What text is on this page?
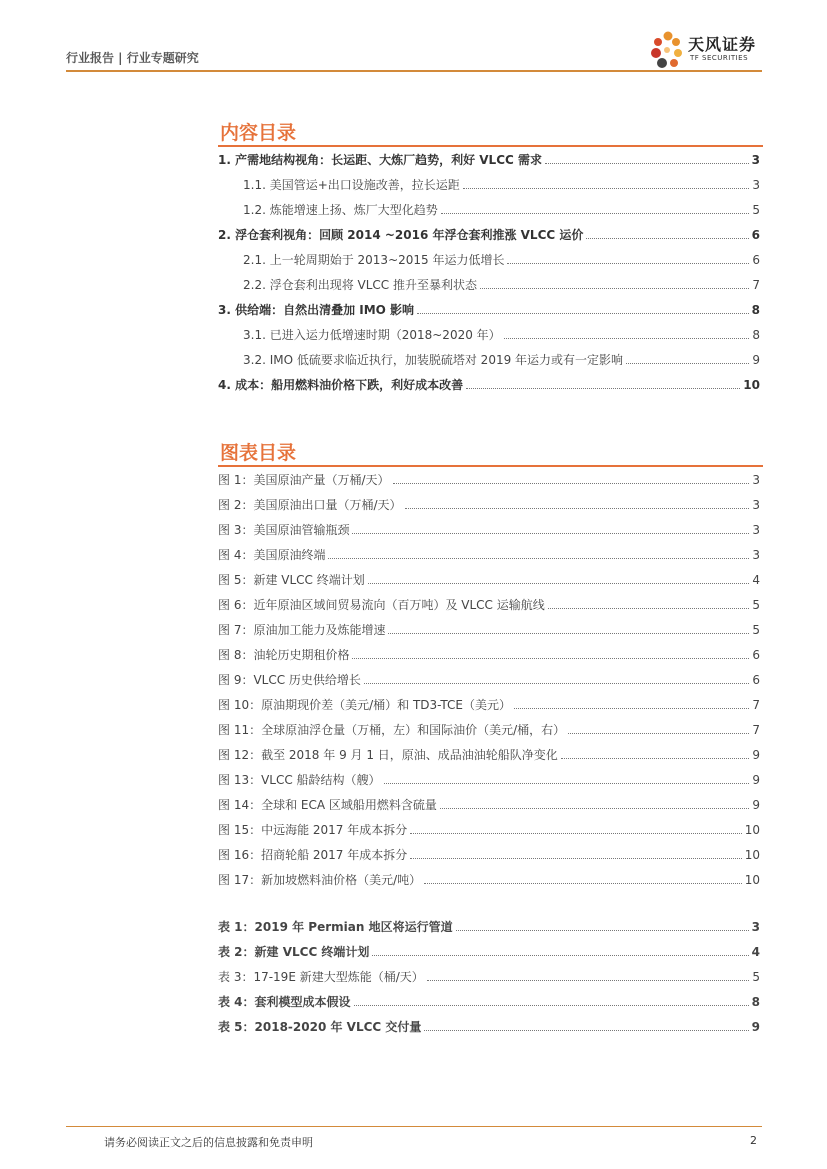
行业报告 | 行业专题研究
天风证券
TF SECURITIES
内容目录
1. 产需地结构视角：长运距、大炼厂趋势，利好 VLCC 需求	3
1.1. 美国管运+出口设施改善，拉长运距	3
1.2. 炼能增速上扬、炼厂大型化趋势	5
2. 浮仓套利视角：回顾 2014 ~2016 年浮仓套利推涨 VLCC 运价	6
2.1. 上一轮周期始于 2013~2015 年运力低增长	6
2.2. 浮仓套利出现将 VLCC 推升至暴利状态	7
3. 供给端：自然出清叠加 IMO 影响	8
3.1. 已进入运力低增速时期（2018~2020 年）	8
3.2. IMO 低硫要求临近执行，加装脱硫塔对 2019 年运力或有一定影响	9
4. 成本：船用燃料油价格下跌，利好成本改善	10
图表目录
图 1：美国原油产量（万桶/天）	3
图 2：美国原油出口量（万桶/天）	3
图 3：美国原油管输瓶颈	3
图 4：美国原油终端	3
图 5：新建 VLCC 终端计划	4
图 6：近年原油区域间贸易流向（百万吨）及 VLCC 运输航线	5
图 7：原油加工能力及炼能增速	5
图 8：油轮历史期租价格	6
图 9：VLCC 历史供给增长	6
图 10：原油期现价差（美元/桶）和 TD3-TCE（美元）	7
图 11：全球原油浮仓量（万桶，左）和国际油价（美元/桶，右）	7
图 12：截至 2018 年 9 月 1 日，原油、成品油油轮船队净变化	9
图 13：VLCC 船龄结构（艘）	9
图 14：全球和 ECA 区域船用燃料含硫量	9
图 15：中远海能 2017 年成本拆分	10
图 16：招商轮船 2017 年成本拆分	10
图 17：新加坡燃料油价格（美元/吨）	10
表 1：2019 年 Permian 地区将运行管道	3
表 2：新建 VLCC 终端计划	4
表 3：17-19E 新建大型炼能（桶/天）	5
表 4：套利模型成本假设	8
表 5：2018-2020 年 VLCC 交付量	9
请务必阅读正文之后的信息披露和免责申明	2
